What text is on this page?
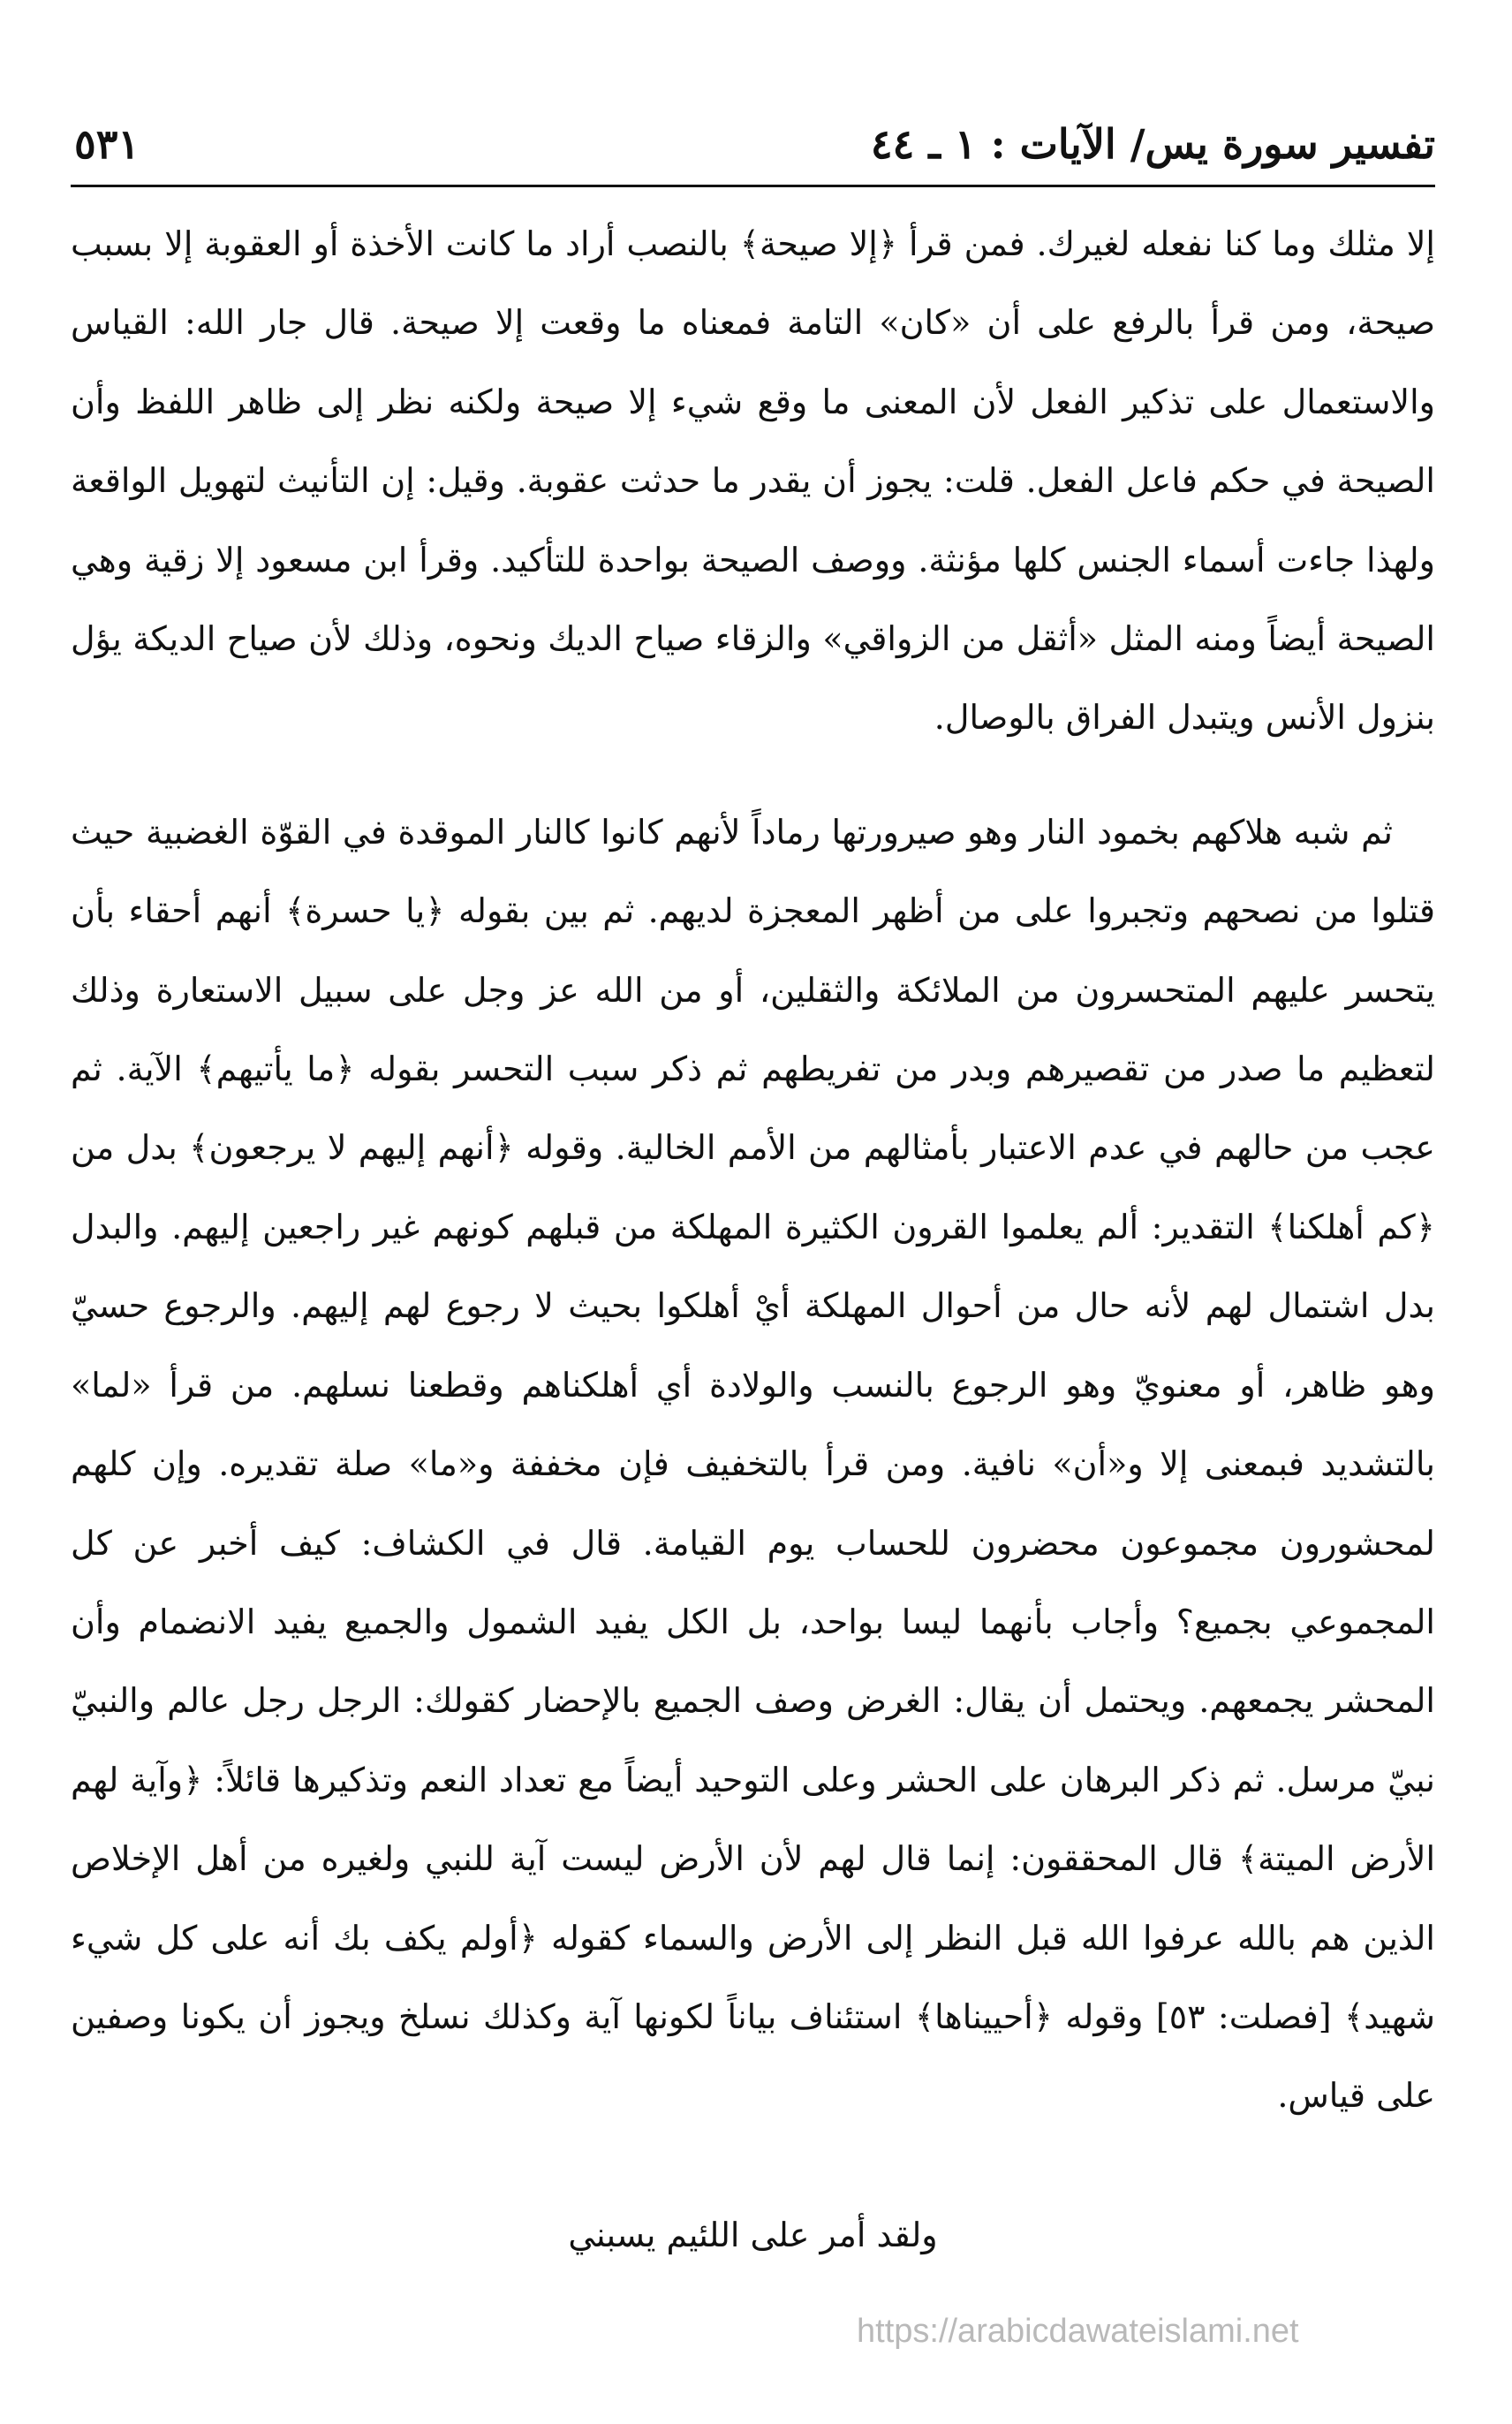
تفسير سورة يس/ الآيات : ١ ـ ٤٤
٥٣١

إلا مثلك وما كنا نفعله لغيرك. فمن قرأ ﴿إلا صيحة﴾ بالنصب أراد ما كانت الأخذة أو العقوبة إلا بسبب صيحة، ومن قرأ بالرفع على أن «كان» التامة فمعناه ما وقعت إلا صيحة. قال جار الله: القياس والاستعمال على تذكير الفعل لأن المعنى ما وقع شيء إلا صيحة ولكنه نظر إلى ظاهر اللفظ وأن الصيحة في حكم فاعل الفعل. قلت: يجوز أن يقدر ما حدثت عقوبة. وقيل: إن التأنيث لتهويل الواقعة ولهذا جاءت أسماء الجنس كلها مؤنثة. ووصف الصيحة بواحدة للتأكيد. وقرأ ابن مسعود إلا زقية وهي الصيحة أيضاً ومنه المثل «أثقل من الزواقي» والزقاء صياح الديك ونحوه، وذلك لأن صياح الديكة يؤل بنزول الأنس ويتبدل الفراق بالوصال.

ثم شبه هلاكهم بخمود النار وهو صيرورتها رماداً لأنهم كانوا كالنار الموقدة في القوّة الغضبية حيث قتلوا من نصحهم وتجبروا على من أظهر المعجزة لديهم. ثم بين بقوله ﴿يا حسرة﴾ أنهم أحقاء بأن يتحسر عليهم المتحسرون من الملائكة والثقلين، أو من الله عز وجل على سبيل الاستعارة وذلك لتعظيم ما صدر من تقصيرهم وبدر من تفريطهم ثم ذكر سبب التحسر بقوله ﴿ما يأتيهم﴾ الآية. ثم عجب من حالهم في عدم الاعتبار بأمثالهم من الأمم الخالية. وقوله ﴿أنهم إليهم لا يرجعون﴾ بدل من ﴿كم أهلكنا﴾ التقدير: ألم يعلموا القرون الكثيرة المهلكة من قبلهم كونهم غير راجعين إليهم. والبدل بدل اشتمال لهم لأنه حال من أحوال المهلكة أيْ أهلكوا بحيث لا رجوع لهم إليهم. والرجوع حسيّ وهو ظاهر، أو معنويّ وهو الرجوع بالنسب والولادة أي أهلكناهم وقطعنا نسلهم. من قرأ «لما» بالتشديد فبمعنى إلا و«أن» نافية. ومن قرأ بالتخفيف فإن مخففة و«ما» صلة تقديره. وإن كلهم لمحشورون مجموعون محضرون للحساب يوم القيامة. قال في الكشاف: كيف أخبر عن كل المجموعي بجميع؟ وأجاب بأنهما ليسا بواحد، بل الكل يفيد الشمول والجميع يفيد الانضمام وأن المحشر يجمعهم. ويحتمل أن يقال: الغرض وصف الجميع بالإحضار كقولك: الرجل رجل عالم والنبيّ نبيّ مرسل. ثم ذكر البرهان على الحشر وعلى التوحيد أيضاً مع تعداد النعم وتذكيرها قائلاً: ﴿وآية لهم الأرض الميتة﴾ قال المحققون: إنما قال لهم لأن الأرض ليست آية للنبي ولغيره من أهل الإخلاص الذين هم بالله عرفوا الله قبل النظر إلى الأرض والسماء كقوله ﴿أولم يكف بك أنه على كل شيء شهيد﴾ [فصلت: ٥٣] وقوله ﴿أحييناها﴾ استئناف بياناً لكونها آية وكذلك نسلخ ويجوز أن يكونا وصفين على قياس.

ولقد أمر على اللئيم يسبني
https://arabicdawateislami.net
